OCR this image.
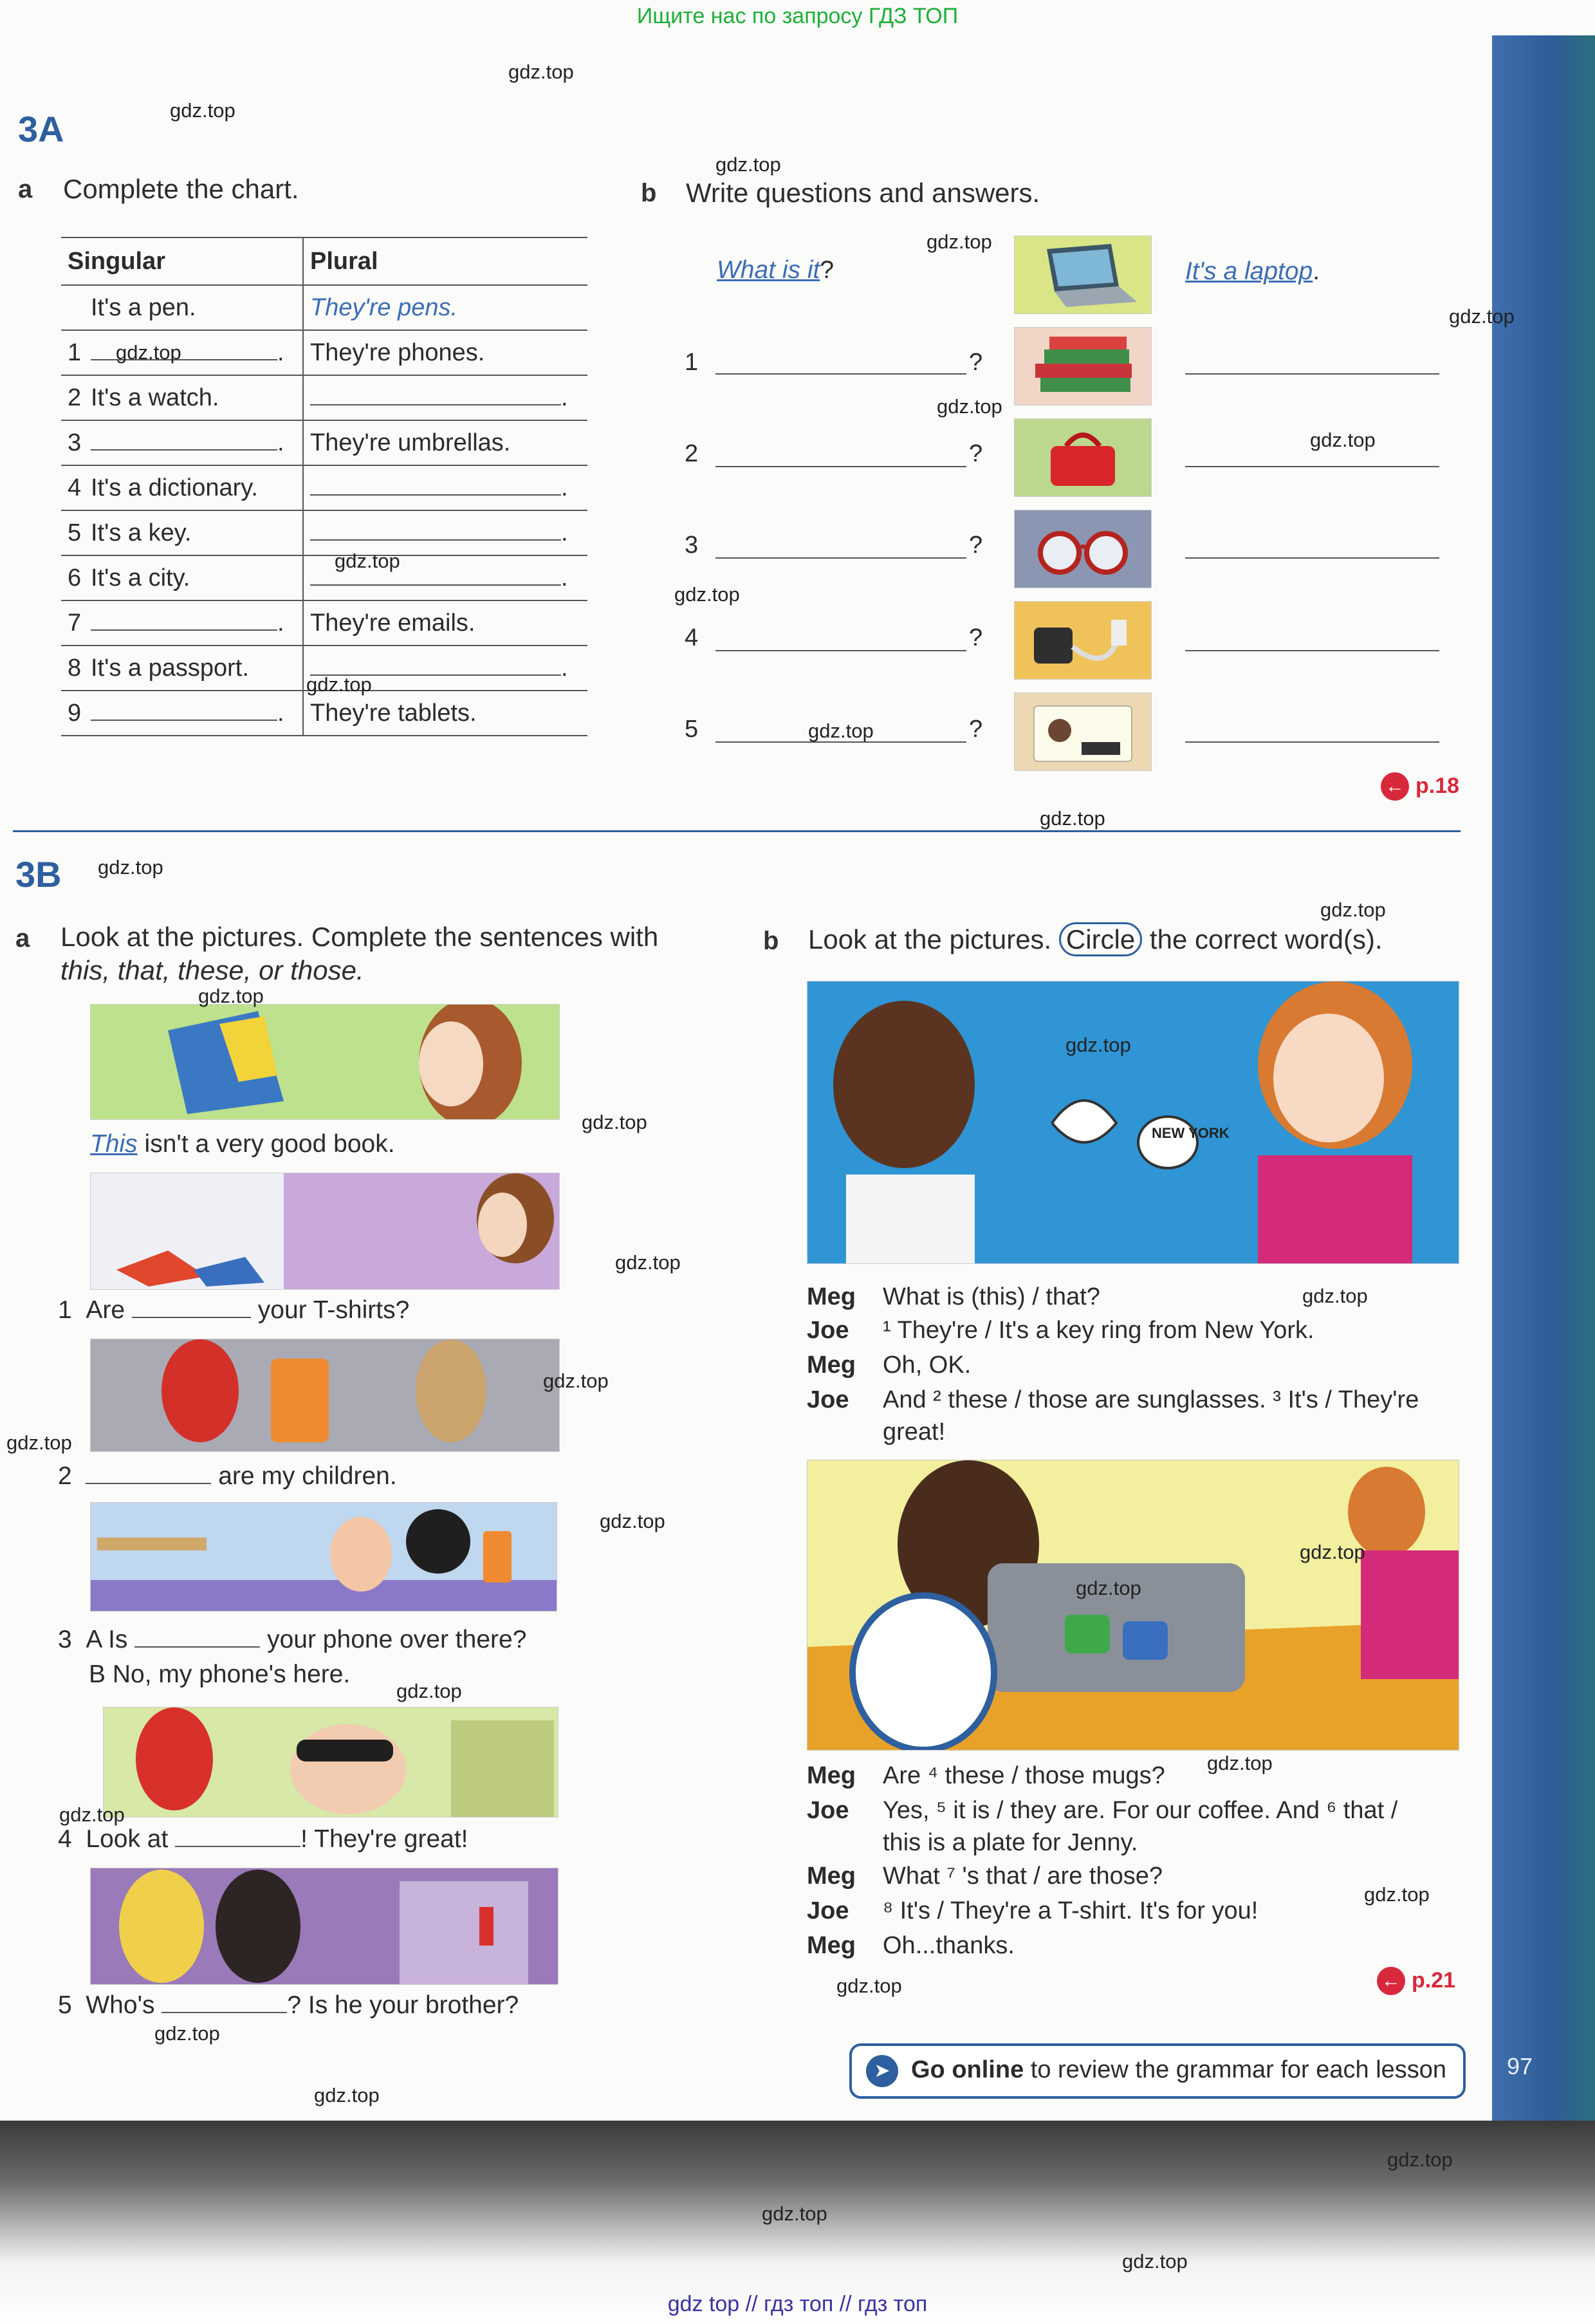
Ищите нас по запросу ГДЗ ТОП
3A
a Complete the chart.
Singular	Plural
It's a pen.	They're pens.
1 .	They're phones.
2 It's a watch.	.
3 .	They're umbrellas.
4 It's a dictionary.	.
5 It's a key.	.
6 It's a city.	.
7 .	They're emails.
8 It's a passport.	.
9 .	They're tablets.
b Write questions and answers.
What is it?	It's a laptop.
1	?
2	?
3	?
4	?
5	?
← p.18
3B
a Look at the pictures. Complete the sentences with
this, that, these, or those.
This isn't a very good book.
1 Are	your T-shirts?
2	are my children.
3 A Is	your phone over there?
B No, my phone's here.
4 Look at	! They're great!
5 Who's	? Is he your brother?
b Look at the pictures. Circle the correct word(s).
NEW YORK
Meg What is (this) / that?
Joe ¹ They're / It's a key ring from New York.
Meg Oh, OK.
Joe And ² these / those are sunglasses. ³ It's / They're
great!
Meg Are ⁴ these / those mugs?
Joe Yes, ⁵ it is / they are. For our coffee. And ⁶ that /
this is a plate for Jenny.
Meg What ⁷ 's that / are those?
Joe ⁸ It's / They're a T-shirt. It's for you!
Meg Oh...thanks.
← p.21
➤ Go online to review the grammar for each lesson	97
gdz.top
gdz.top
gdz.top
gdz.top
gdz.top
gdz.top
gdz.top
gdz.top
gdz.top
gdz.top
gdz.top
gdz.top
gdz.top
gdz.top
gdz.top
gdz.top
gdz.top
gdz.top
gdz.top
gdz.top
gdz.top
gdz.top
gdz.top
gdz.top
gdz.top
gdz.top
gdz.top
gdz.top
gdz.top
gdz.top
gdz.top
gdz.top
gdz.top
gdz.top
gdz.top
gdz top // гдз топ // гдз топ
